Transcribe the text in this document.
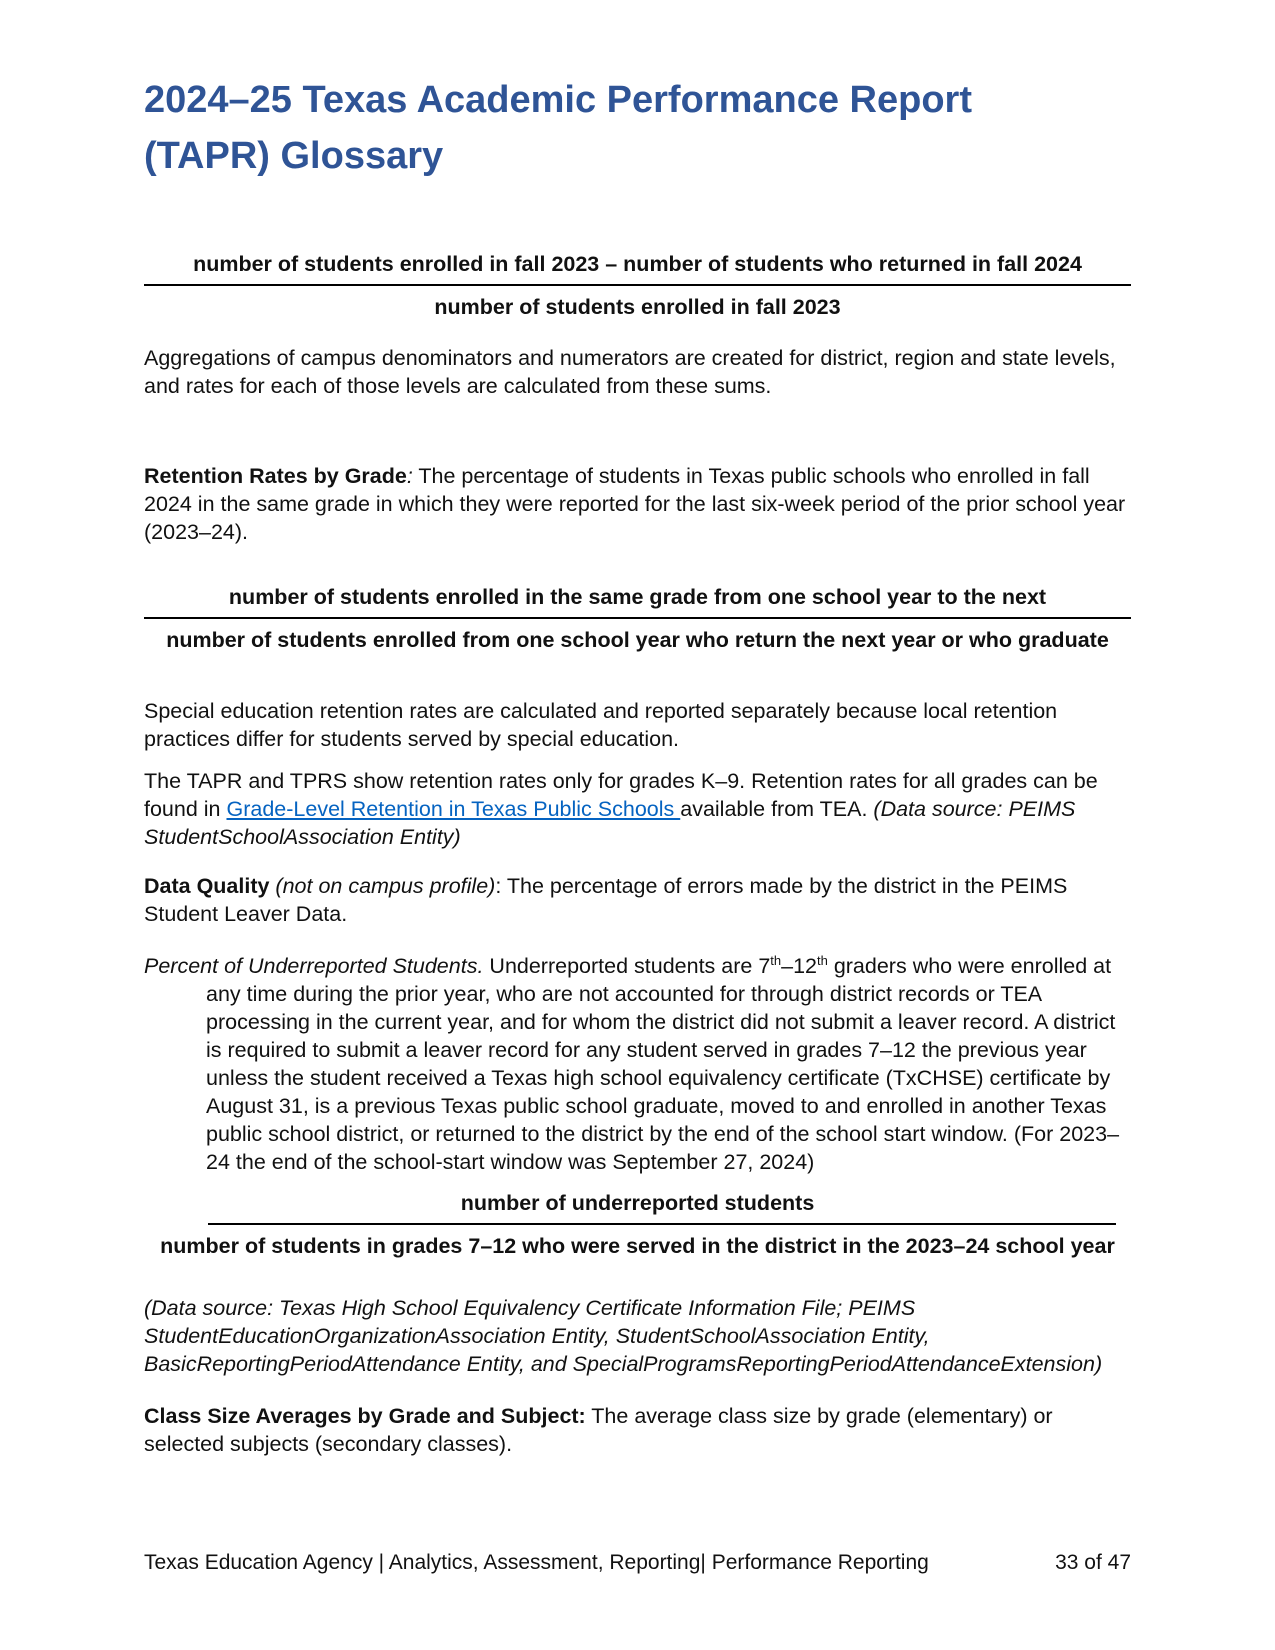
2024–25 Texas Academic Performance Report
(TAPR) Glossary
number of students enrolled in fall 2023 – number of students who returned in fall 2024
number of students enrolled in fall 2023

Aggregations of campus denominators and numerators are created for district, region and state levels, and rates for each of those levels are calculated from these sums.

Retention Rates by Grade: The percentage of students in Texas public schools who enrolled in fall 2024 in the same grade in which they were reported for the last six-week period of the prior school year (2023–24).

number of students enrolled in the same grade from one school year to the next
number of students enrolled from one school year who return the next year or who graduate

Special education retention rates are calculated and reported separately because local retention practices differ for students served by special education.

The TAPR and TPRS show retention rates only for grades K–9. Retention rates for all grades can be found in Grade-Level Retention in Texas Public Schools available from TEA. (Data source: PEIMS StudentSchoolAssociation Entity)

Data Quality (not on campus profile): The percentage of errors made by the district in the PEIMS Student Leaver Data.

Percent of Underreported Students. Underreported students are 7th–12th graders who were enrolled at any time during the prior year, who are not accounted for through district records or TEA processing in the current year, and for whom the district did not submit a leaver record. A district is required to submit a leaver record for any student served in grades 7–12 the previous year unless the student received a Texas high school equivalency certificate (TxCHSE) certificate by August 31, is a previous Texas public school graduate, moved to and enrolled in another Texas public school district, or returned to the district by the end of the school start window. (For 2023–24 the end of the school-start window was September 27, 2024)

number of underreported students
number of students in grades 7–12 who were served in the district in the 2023–24 school year

(Data source: Texas High School Equivalency Certificate Information File; PEIMS StudentEducationOrganizationAssociation Entity, StudentSchoolAssociation Entity, BasicReportingPeriodAttendance Entity, and SpecialProgramsReportingPeriodAttendanceExtension)

Class Size Averages by Grade and Subject: The average class size by grade (elementary) or selected subjects (secondary classes).

Texas Education Agency | Analytics, Assessment, Reporting| Performance Reporting	33 of 47
